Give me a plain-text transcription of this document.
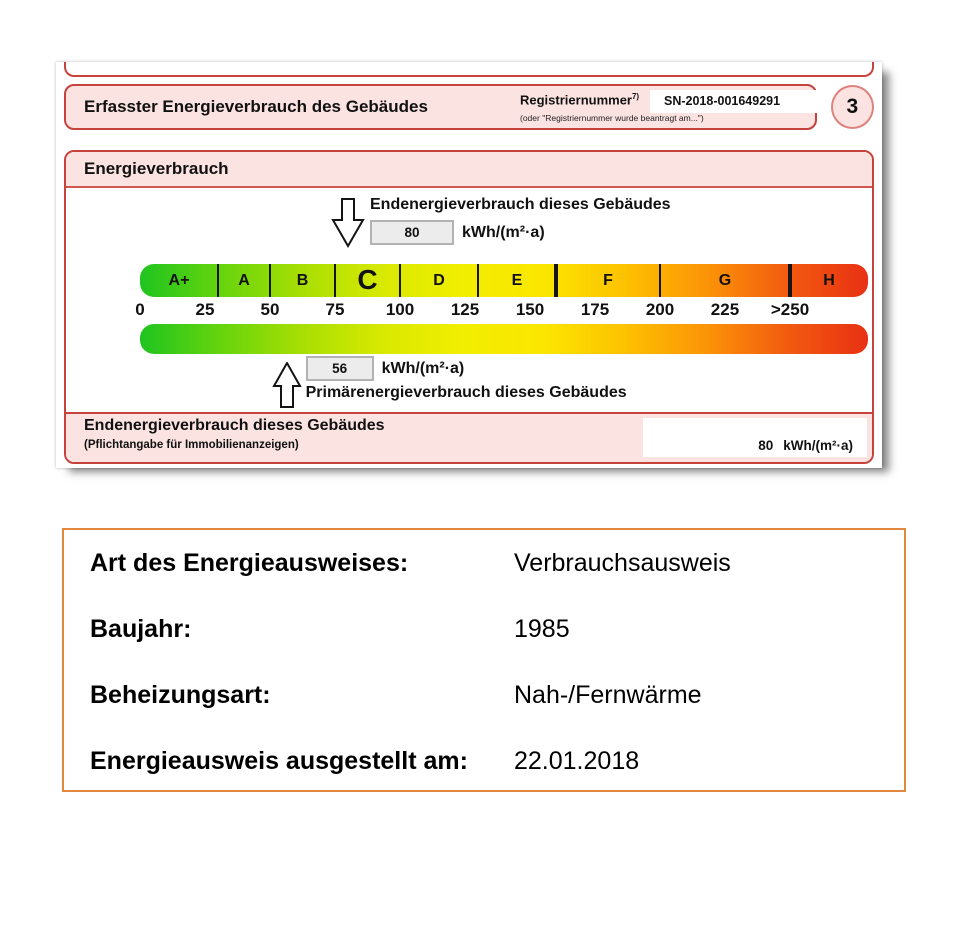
Erfasster Energieverbrauch des Gebäudes	Registriernummer$^{7)}$
(oder "Registriernummer wurde beantragt am...")
SN-2018-001649291	3
Energieverbrauch
Endenergieverbrauch dieses Gebäudes
80	kWh/(m²·a)
A+	A	B C	D	E	F	G	H
0	25	50	75 100 125 150 175 200 225 >250
56	kWh/(m²·a)
Primärenergieverbrauch dieses Gebäudes
Endenergieverbrauch dieses Gebäudes
(Pflichtangabe für Immobilienanzeigen)	80 kWh/(m²·a)
Art des Energieausweises:	Verbrauchsausweis
Baujahr:	1985
Beheizungsart:	Nah-/Fernwärme
Energieausweis ausgestellt am:	22.01.2018
